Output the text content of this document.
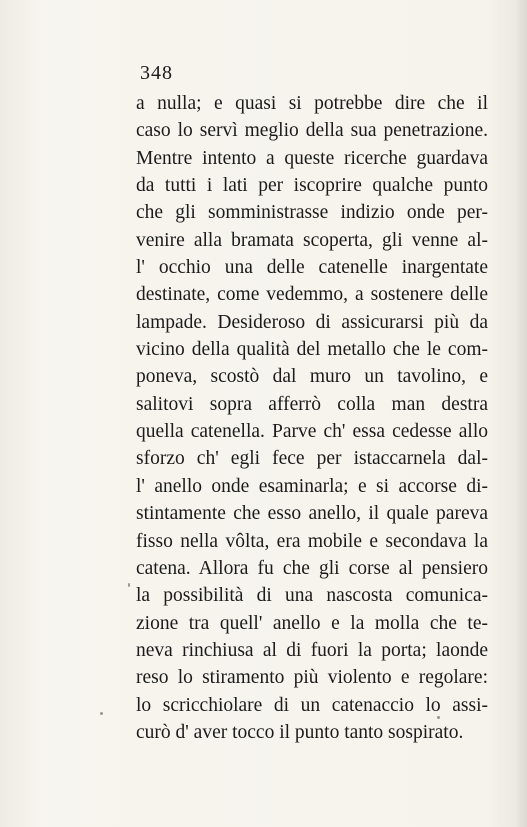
348
a nulla; e quasi si potrebbe dire che il
caso lo servì meglio della sua penetrazione.
Mentre intento a queste ricerche guardava
da tutti i lati per iscoprire qualche punto
che gli somministrasse indizio onde per-
venire alla bramata scoperta, gli venne al-
l' occhio una delle catenelle inargentate
destinate, come vedemmo, a sostenere delle
lampade. Desideroso di assicurarsi più da
vicino della qualità del metallo che le com-
poneva, scostò dal muro un tavolino, e
salitovi sopra afferrò colla man destra
quella catenella. Parve ch' essa cedesse allo
sforzo ch' egli fece per istaccarnela dal-
l' anello onde esaminarla; e si accorse di-
stintamente che esso anello, il quale pareva
fisso nella vôlta, era mobile e secondava la
catena. Allora fu che gli corse al pensiero
la possibilità di una nascosta comunica-
zione tra quell' anello e la molla che te-
neva rinchiusa al di fuori la porta; laonde
reso lo stiramento più violento e regolare:
lo scricchiolare di un catenaccio lo assi-
curò d' aver tocco il punto tanto sospirato.
